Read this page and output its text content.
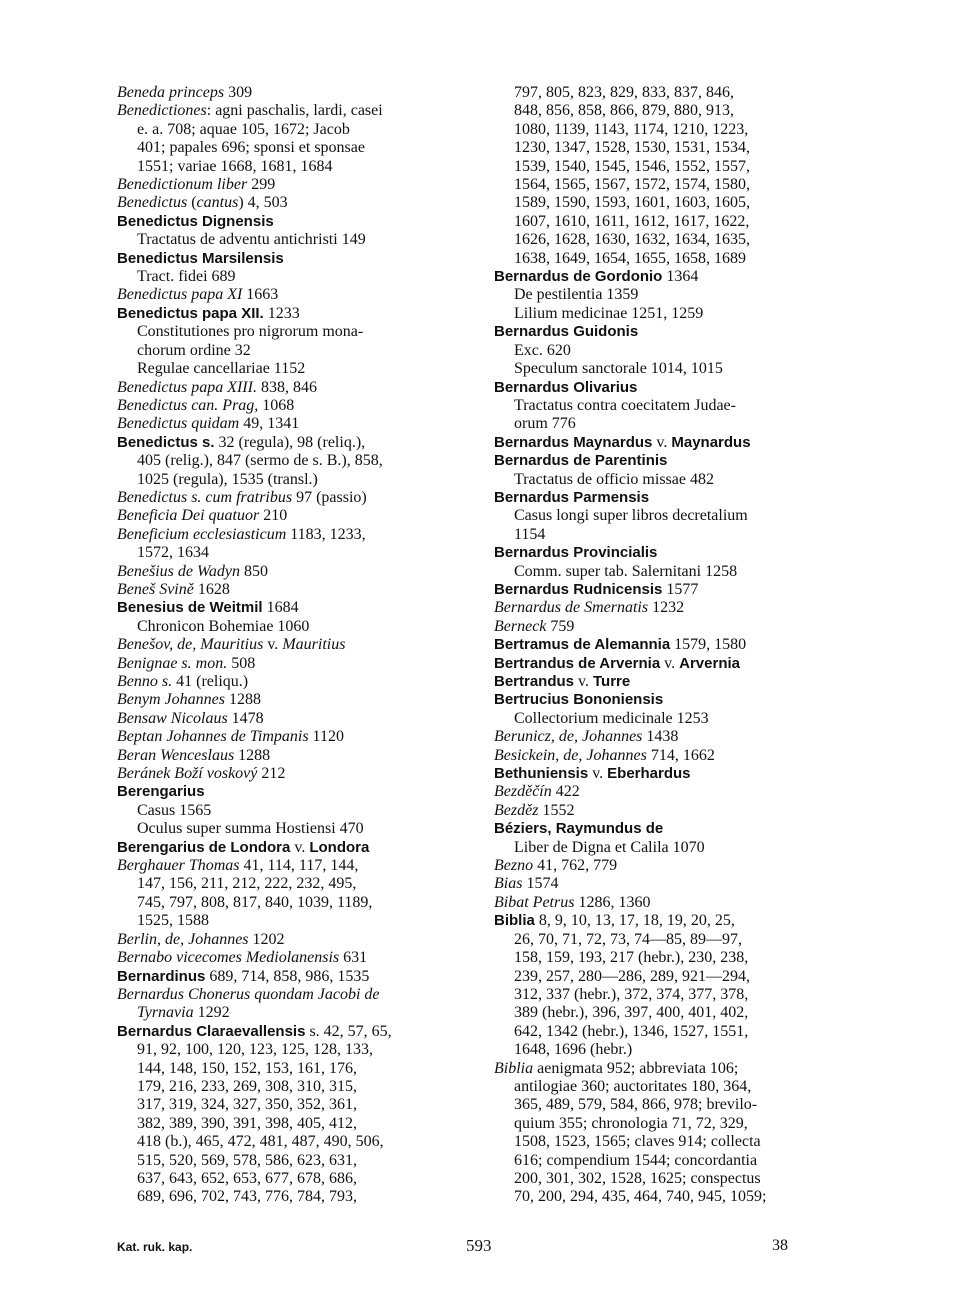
Beneda princeps 309
Benedictiones: agni paschalis, lardi, casei
e. a. 708; aquae 105, 1672; Jacob
401; papales 696; sponsi et sponsae
1551; variae 1668, 1681, 1684
Benedictionum liber 299
Benedictus (cantus) 4, 503
Benedictus Dignensis
Tractatus de adventu antichristi 149
Benedictus Marsilensis
Tract. fidei 689
Benedictus papa XI 1663
Benedictus papa XII. 1233
Constitutiones pro nigrorum mona-
chorum ordine 32
Regulae cancellariae 1152
Benedictus papa XIII. 838, 846
Benedictus can. Prag, 1068
Benedictus quidam 49, 1341
Benedictus s. 32 (regula), 98 (reliq.),
405 (relig.), 847 (sermo de s. B.), 858,
1025 (regula), 1535 (transl.)
Benedictus s. cum fratribus 97 (passio)
Beneficia Dei quatuor 210
Beneficium ecclesiasticum 1183, 1233,
1572, 1634
Benešius de Wadyn 850
Beneš Svině 1628
Benesius de Weitmil 1684
Chronicon Bohemiae 1060
Benešov, de, Mauritius v. Mauritius
Benignae s. mon. 508
Benno s. 41 (reliqu.)
Benym Johannes 1288
Bensaw Nicolaus 1478
Beptan Johannes de Timpanis 1120
Beran Wenceslaus 1288
Beránek Boží voskový 212
Berengarius
Casus 1565
Oculus super summa Hostiensi 470
Berengarius de Londora v. Londora
Berghauer Thomas 41, 114, 117, 144,
147, 156, 211, 212, 222, 232, 495,
745, 797, 808, 817, 840, 1039, 1189,
1525, 1588
Berlin, de, Johannes 1202
Bernabo vicecomes Mediolanensis 631
Bernardinus 689, 714, 858, 986, 1535
Bernardus Chonerus quondam Jacobi de
Tyrnavia 1292
Bernardus Claraevallensis s. 42, 57, 65,
91, 92, 100, 120, 123, 125, 128, 133,
144, 148, 150, 152, 153, 161, 176,
179, 216, 233, 269, 308, 310, 315,
317, 319, 324, 327, 350, 352, 361,
382, 389, 390, 391, 398, 405, 412,
418 (b.), 465, 472, 481, 487, 490, 506,
515, 520, 569, 578, 586, 623, 631,
637, 643, 652, 653, 677, 678, 686,
689, 696, 702, 743, 776, 784, 793,
797, 805, 823, 829, 833, 837, 846,
848, 856, 858, 866, 879, 880, 913,
1080, 1139, 1143, 1174, 1210, 1223,
1230, 1347, 1528, 1530, 1531, 1534,
1539, 1540, 1545, 1546, 1552, 1557,
1564, 1565, 1567, 1572, 1574, 1580,
1589, 1590, 1593, 1601, 1603, 1605,
1607, 1610, 1611, 1612, 1617, 1622,
1626, 1628, 1630, 1632, 1634, 1635,
1638, 1649, 1654, 1655, 1658, 1689
Bernardus de Gordonio 1364
De pestilentia 1359
Lilium medicinae 1251, 1259
Bernardus Guidonis
Exc. 620
Speculum sanctorale 1014, 1015
Bernardus Olivarius
Tractatus contra coecitatem Judae-
orum 776
Bernardus Maynardus v. Maynardus
Bernardus de Parentinis
Tractatus de officio missae 482
Bernardus Parmensis
Casus longi super libros decretalium
1154
Bernardus Provincialis
Comm. super tab. Salernitani 1258
Bernardus Rudnicensis 1577
Bernardus de Smernatis 1232
Berneck 759
Bertramus de Alemannia 1579, 1580
Bertrandus de Arvernia v. Arvernia
Bertrandus v. Turre
Bertrucius Bononiensis
Collectorium medicinale 1253
Berunicz, de, Johannes 1438
Besickein, de, Johannes 714, 1662
Bethuniensis v. Eberhardus
Bezděčín 422
Bezděz 1552
Béziers, Raymundus de
Liber de Digna et Calila 1070
Bezno 41, 762, 779
Bias 1574
Bibat Petrus 1286, 1360
Biblia 8, 9, 10, 13, 17, 18, 19, 20, 25,
26, 70, 71, 72, 73, 74—85, 89—97,
158, 159, 193, 217 (hebr.), 230, 238,
239, 257, 280—286, 289, 921—294,
312, 337 (hebr.), 372, 374, 377, 378,
389 (hebr.), 396, 397, 400, 401, 402,
642, 1342 (hebr.), 1346, 1527, 1551,
1648, 1696 (hebr.)
Biblia aenigmata 952; abbreviata 106;
antilogiae 360; auctoritates 180, 364,
365, 489, 579, 584, 866, 978; brevilo-
quium 355; chronologia 71, 72, 329,
1508, 1523, 1565; claves 914; collecta
616; compendium 1544; concordantia
200, 301, 302, 1528, 1625; conspectus
70, 200, 294, 435, 464, 740, 945, 1059;
Kat. ruk. kap.	593	38
